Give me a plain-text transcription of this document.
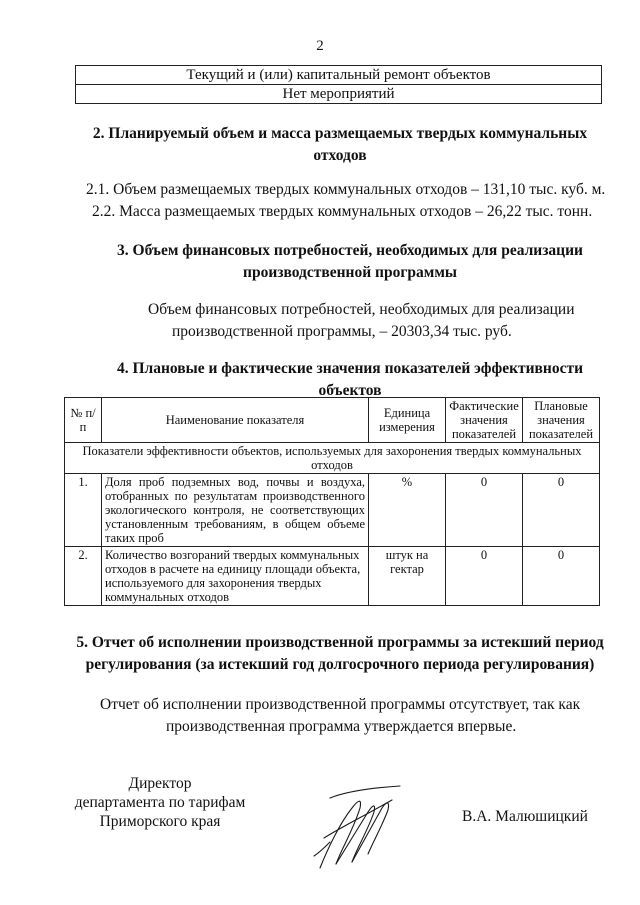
2
Текущий и (или) капитальный ремонт объектов
Нет мероприятий
2. Планируемый объем и масса размещаемых твердых коммунальных
отходов
2.1. Объем размещаемых твердых коммунальных отходов – 131,10 тыс. куб. м.
2.2. Масса размещаемых твердых коммунальных отходов – 26,22 тыс. тонн.
3. Объем финансовых потребностей, необходимых для реализации
производственной программы
Объем финансовых потребностей, необходимых для реализации
производственной программы, – 20303,34 тыс. руб.
4. Плановые и фактические значения показателей эффективности
объектов
№ п/п	Наименование показателя	Единица измерения	Фактические значения показателей	Плановые значения показателей
Показатели эффективности объектов, используемых для захоронения твердых коммунальных отходов				
1.	Доля проб подземных вод, почвы и воздуха, отобранных по результатам производственного экологического контроля, не соответствующих установленным требованиям, в общем объеме таких проб	%	0	0
2.	Количество возгораний твердых коммунальных отходов в расчете на единицу площади объекта, используемого для захоронения твердых коммунальных отходов	штук на гектар	0	0
5. Отчет об исполнении производственной программы за истекший период
регулирования (за истекший год долгосрочного периода регулирования)
Отчет об исполнении производственной программы отсутствует, так как
производственная программа утверждается впервые.
Директор
департамента по тарифам
Приморского края	В.А. Малюшицкий
